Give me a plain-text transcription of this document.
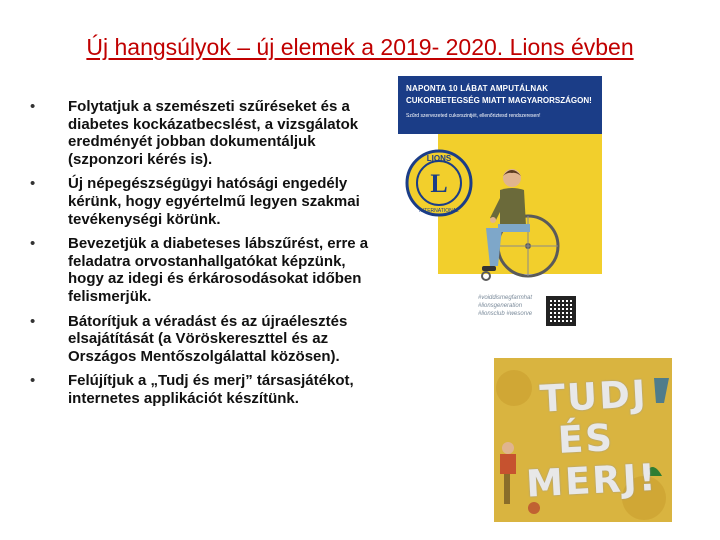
Új hangsúlyok – új elemek a 2019- 2020. Lions évben
• Folytatjuk a szemészeti szűréseket és a diabetes kockázatbecslést, a vizsgálatok eredményét jobban dokumentáljuk (szponzori kérés is).
• Új népegészségügyi hatósági engedély kérünk, hogy egyértelmű legyen szakmai tevékenységi körünk.
• Bevezetjük a diabeteses lábszűrést, erre a feladatra orvostanhallgatókat képzünk, hogy az idegi és érkárosodásokat időben felismerjük.
• Bátorítjuk a véradást és az újraélesztés elsajátítását (a Vöröskereszttel és az Országos Mentőszolgálattal közösen).
• Felújítjuk a „Tudj és merj” társasjátékot, internetes applikációt készítünk.
NAPONTA 10 LÁBAT AMPUTÁLNAK
CUKORBETEGSÉG MIATT MAGYARORSZÁGON!
Szűrd szervezeted cukorszintjét, ellenőriztesd rendszeresen!
LIONS
L
INTERNATIONAL
#voiddismegfarmhat
#lionsgeneration
#lionsclub #wesorve
TUDJ
ÉS
MERJ!
